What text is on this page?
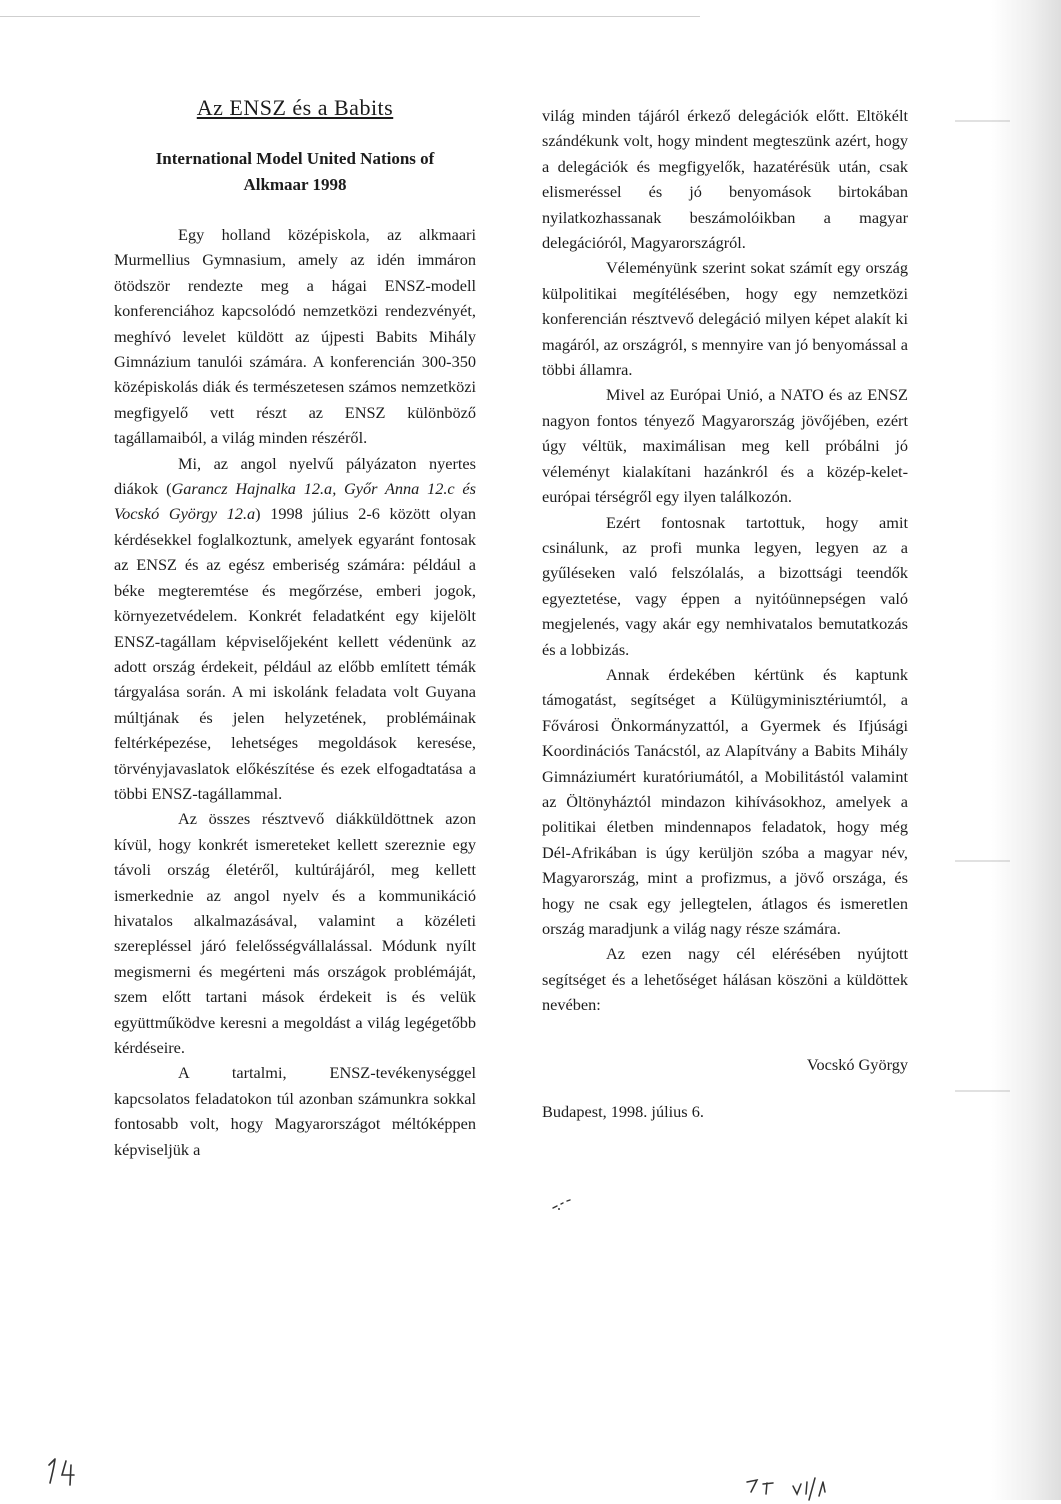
Az ENSZ és a Babits
International Model United Nations of
Alkmaar 1998

Egy holland középiskola, az alkmaari Murmellius Gymnasium, amely az idén immáron ötödször rendezte meg a hágai ENSZ-modell konferenciához kapcsolódó nemzetközi rendezvényét, meghívó levelet küldött az újpesti Babits Mihály Gimnázium tanulói számára. A konferencián 300-350 középiskolás diák és természetesen számos nemzetközi megfigyelő vett részt az ENSZ különböző tagállamaiból, a világ minden részéről.

Mi, az angol nyelvű pályázaton nyertes diákok (Garancz Hajnalka 12.a, Győr Anna 12.c és Vocskó György 12.a) 1998 július 2-6 között olyan kérdésekkel foglalkoztunk, amelyek egyaránt fontosak az ENSZ és az egész emberiség számára: például a béke megteremtése és megőrzése, emberi jogok, környezetvédelem. Konkrét feladatként egy kijelölt ENSZ-tagállam képviselőjeként kellett védenünk az adott ország érdekeit, például az előbb említett témák tárgyalása során. A mi iskolánk feladata volt Guyana múltjának és jelen helyzetének, problémáinak feltérképezése, lehetséges megoldások keresése, törvényjavaslatok előkészítése és ezek elfogadtatása a többi ENSZ-tagállammal.

Az összes résztvevő diákküldöttnek azon kívül, hogy konkrét ismereteket kellett szereznie egy távoli ország életéről, kultúrájáról, meg kellett ismerkednie az angol nyelv és a kommunikáció hivatalos alkalmazásával, valamint a közéleti szerepléssel járó felelősségvállalással. Módunk nyílt megismerni és megérteni más országok problémáját, szem előtt tartani mások érdekeit is és velük együttműködve keresni a megoldást a világ legégetőbb kérdéseire.

A tartalmi, ENSZ-tevékenységgel kapcsolatos feladatokon túl azonban számunkra sokkal fontosabb volt, hogy Magyarországot méltóképpen képviseljük a

világ minden tájáról érkező delegációk előtt. Eltökélt szándékunk volt, hogy mindent megteszünk azért, hogy a delegációk és megfigyelők, hazatérésük után, csak elismeréssel és jó benyomások birtokában nyilatkozhassanak beszámolóikban a magyar delegációról, Magyarországról.

Véleményünk szerint sokat számít egy ország külpolitikai megítélésében, hogy egy nemzetközi konferencián résztvevő delegáció milyen képet alakít ki magáról, az országról, s mennyire van jó benyomással a többi államra.

Mivel az Európai Unió, a NATO és az ENSZ nagyon fontos tényező Magyarország jövőjében, ezért úgy véltük, maximálisan meg kell próbálni jó véleményt kialakítani hazánkról és a közép-kelet-európai térségről egy ilyen találkozón.

Ezért fontosnak tartottuk, hogy amit csinálunk, az profi munka legyen, legyen az a gyűléseken való felszólalás, a bizottsági teendők egyeztetése, vagy éppen a nyitóünnepségen való megjelenés, vagy akár egy nemhivatalos bemutatkozás és a lobbizás.

Annak érdekében kértünk és kaptunk támogatást, segítséget a Külügyminisztériumtól, a Fővárosi Önkormányzattól, a Gyermek és Ifjúsági Koordinációs Tanácstól, az Alapítvány a Babits Mihály Gimnáziumért kuratóriumától, a Mobilitástól valamint az Öltönyháztól mindazon kihívásokhoz, amelyek a politikai életben mindennapos feladatok, hogy még Dél-Afrikában is úgy kerüljön szóba a magyar név, Magyarország, mint a profizmus, a jövő országa, és hogy ne csak egy jellegtelen, átlagos és ismeretlen ország maradjunk a világ nagy része számára.

Az ezen nagy cél elérésében nyújtott segítséget és a lehetőséget hálásan köszöni a küldöttek nevében:

Vocskó György

Budapest, 1998. július 6.
